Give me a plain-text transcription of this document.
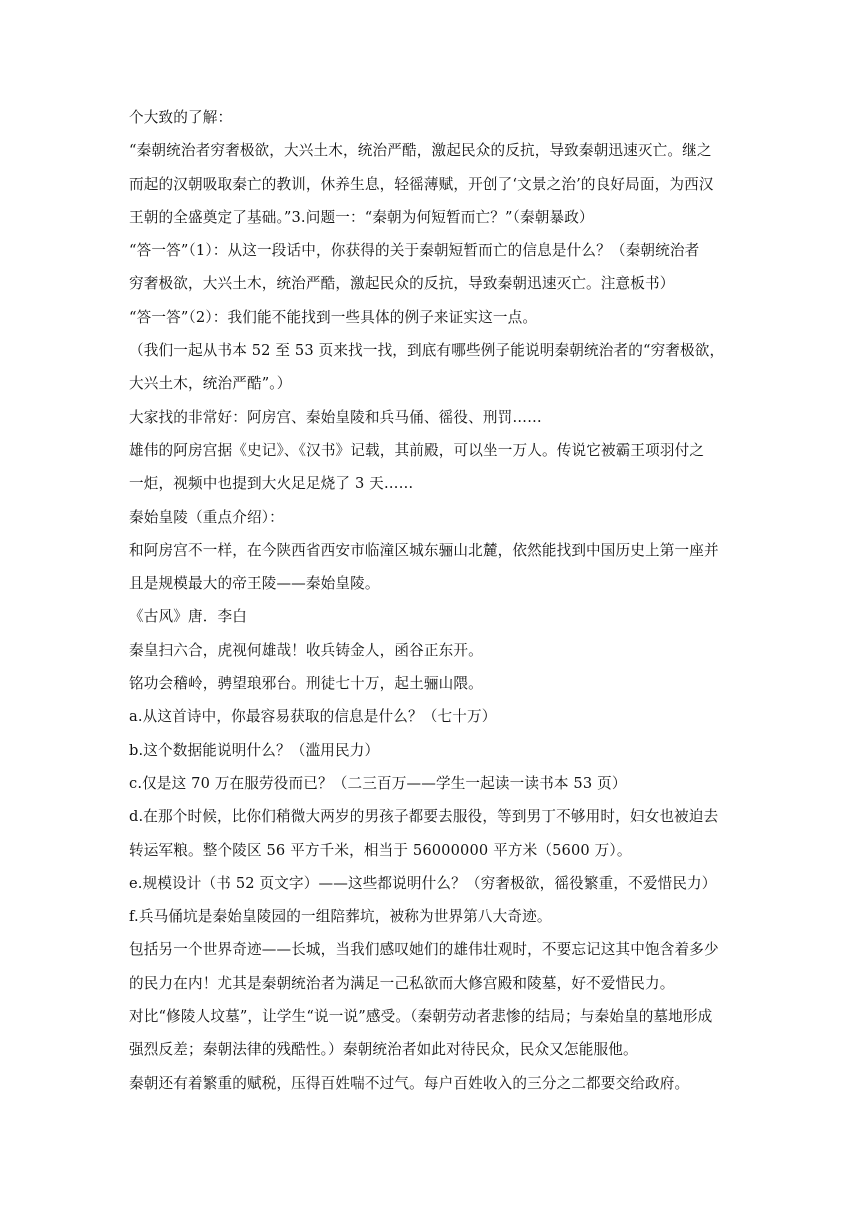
个大致的了解：
“秦朝统治者穷奢极欲，大兴土木，统治严酷，激起民众的反抗，导致秦朝迅速灭亡。继之
而起的汉朝吸取秦亡的教训，休养生息，轻徭薄赋，开创了‘文景之治’的良好局面，为西汉
王朝的全盛奠定了基础。”3.问题一：“秦朝为何短暂而亡？”（秦朝暴政）
“答一答”（1）：从这一段话中，你获得的关于秦朝短暂而亡的信息是什么？（秦朝统治者
穷奢极欲，大兴土木，统治严酷，激起民众的反抗，导致秦朝迅速灭亡。注意板书）
“答一答”（2）：我们能不能找到一些具体的例子来证实这一点。
（我们一起从书本 52 至 53 页来找一找，到底有哪些例子能说明秦朝统治者的“穷奢极欲，
大兴土木，统治严酷”。）
大家找的非常好：阿房宫、秦始皇陵和兵马俑、徭役、刑罚……
雄伟的阿房宫据《史记》、《汉书》记载，其前殿，可以坐一万人。传说它被霸王项羽付之
一炬，视频中也提到大火足足烧了 3 天……
秦始皇陵（重点介绍）：
和阿房宫不一样，在今陕西省西安市临潼区城东骊山北麓，依然能找到中国历史上第一座并
且是规模最大的帝王陵——秦始皇陵。
《古风》唐．李白
秦皇扫六合，虎视何雄哉！收兵铸金人，函谷正东开。
铭功会稽岭，骋望琅邪台。刑徒七十万，起土骊山隈。
a.从这首诗中，你最容易获取的信息是什么？（七十万）
b.这个数据能说明什么？（滥用民力）
c.仅是这 70 万在服劳役而已？（二三百万——学生一起读一读书本 53 页）
d.在那个时候，比你们稍微大两岁的男孩子都要去服役，等到男丁不够用时，妇女也被迫去
转运军粮。整个陵区 56 平方千米，相当于 56000000 平方米（5600 万）。
e.规模设计（书 52 页文字）——这些都说明什么？（穷奢极欲，徭役繁重，不爱惜民力）
f.兵马俑坑是秦始皇陵园的一组陪葬坑，被称为世界第八大奇迹。
包括另一个世界奇迹——长城，当我们感叹她们的雄伟壮观时，不要忘记这其中饱含着多少
的民力在内！尤其是秦朝统治者为满足一己私欲而大修宫殿和陵墓，好不爱惜民力。
对比“修陵人坟墓”，让学生“说一说”感受。（秦朝劳动者悲惨的结局；与秦始皇的墓地形成
强烈反差；秦朝法律的残酷性。）秦朝统治者如此对待民众，民众又怎能服他。
秦朝还有着繁重的赋税，压得百姓喘不过气。每户百姓收入的三分之二都要交给政府。
